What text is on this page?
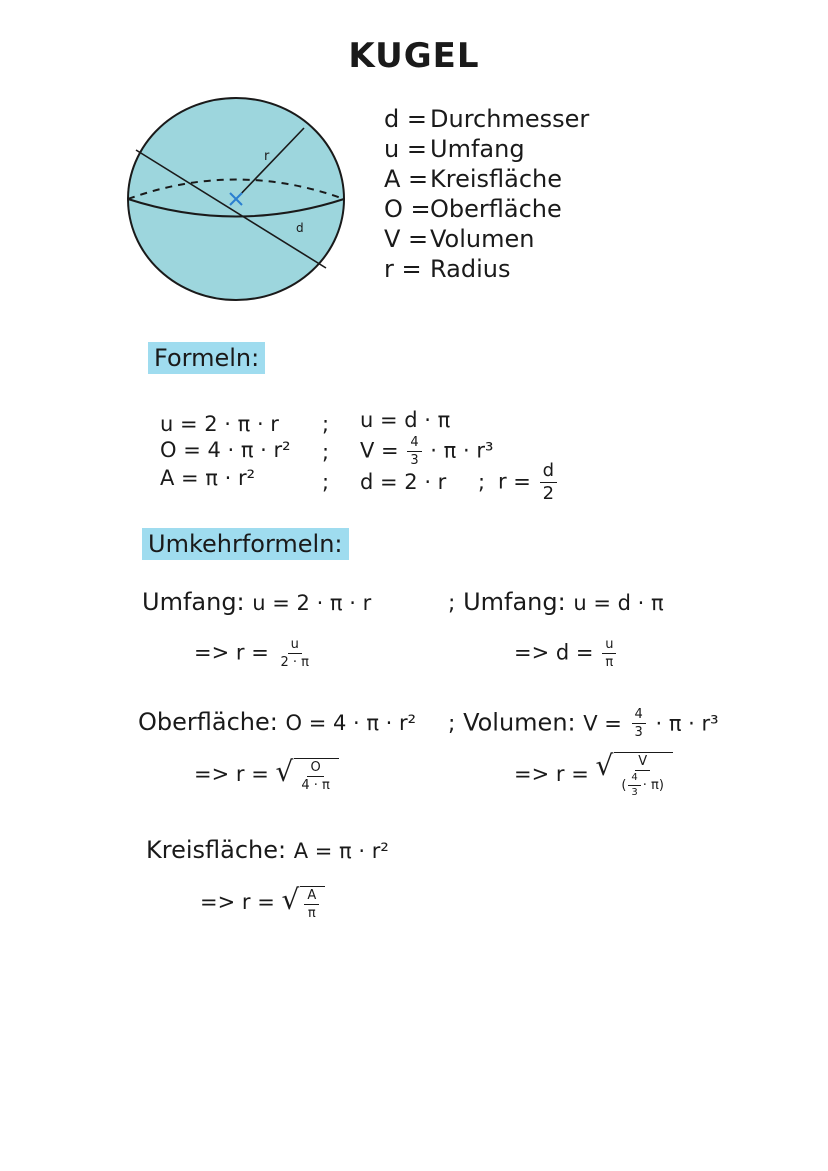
KUGEL
r
d
d = Durchmesser
u = Umfang
A =Kreisfläche
O =Oberfläche
V =Volumen
r = Radius
Formeln:
u = 2 · π · r
O = 4 · π · r²
A = π · r²
;
;
;
u = d · π
$V = \frac{4}{3} \cdot \pi \cdot r^3$
d = 2 · r ; $r = \frac{d}{2}$
Umkehrformeln:
Umfang: u = 2 · π · r
=> $r = \frac{u}{2 \cdot \pi}$
; Umfang: u = d · π
=> $d = \frac{u}{\pi}$
Oberfläche: O = 4 · π · r²
=> r = √ $\frac{O}{4 \cdot \pi}$
; Volumen: $V = \frac{4}{3} \cdot \pi \cdot r^3$
=> r = √ $\frac{V}{( \frac{4}{3} \cdot \pi)}$
Kreisfläche: A = π · r²
=> r = √ $\frac{A}{\pi}$
